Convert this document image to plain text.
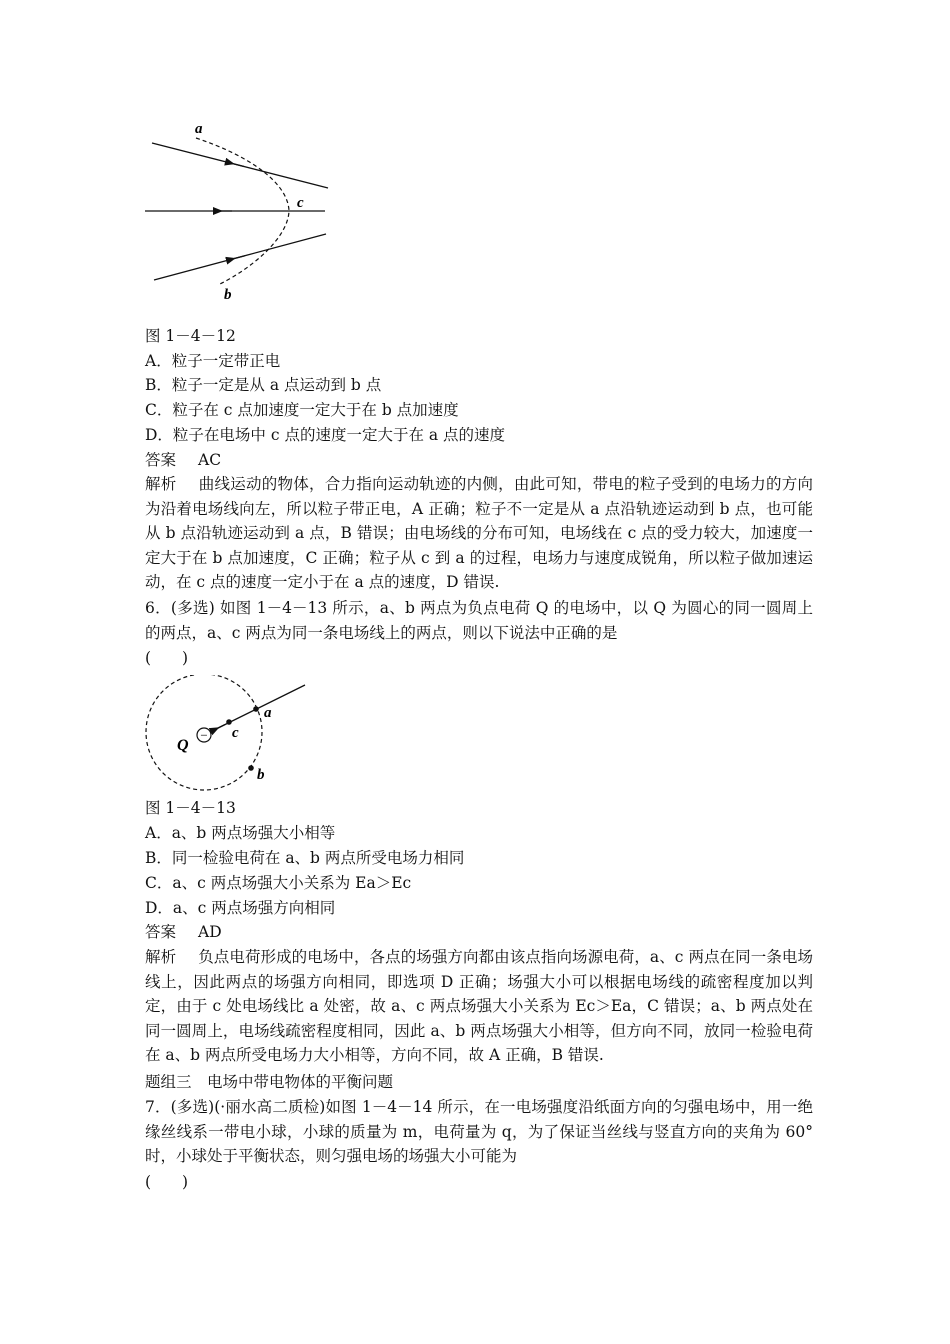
a
c
b
图 1－4－12
A．粒子一定带正电
B．粒子一定是从 a 点运动到 b 点
C．粒子在 c 点加速度一定大于在 b 点加速度
D．粒子在电场中 c 点的速度一定大于在 a 点的速度
答案 AC
解析 曲线运动的物体，合力指向运动轨迹的内侧，由此可知，带电的粒子受到的电场力的方向为沿着电场线向左，所以粒子带正电，A 正确；粒子不一定是从 a 点沿轨迹运动到 b 点，也可能从 b 点沿轨迹运动到 a 点，B 错误；由电场线的分布可知，电场线在 c 点的受力较大，加速度一定大于在 b 点加速度，C 正确；粒子从 c 到 a 的过程，电场力与速度成锐角，所以粒子做加速运动，在 c 点的速度一定小于在 a 点的速度，D 错误.
6．(多选) 如图 1－4－13 所示，a、b 两点为负点电荷 Q 的电场中，以 Q 为圆心的同一圆周上的两点，a、c 两点为同一条电场线上的两点，则以下说法中正确的是
(　　)
−
Q
a
c
b
图 1－4－13
A．a、b 两点场强大小相等
B．同一检验电荷在 a、b 两点所受电场力相同
C．a、c 两点场强大小关系为 Ea＞Ec
D．a、c 两点场强方向相同
答案 AD
解析 负点电荷形成的电场中，各点的场强方向都由该点指向场源电荷，a、c 两点在同一条电场线上，因此两点的场强方向相同，即选项 D 正确；场强大小可以根据电场线的疏密程度加以判定，由于 c 处电场线比 a 处密，故 a、c 两点场强大小关系为 Ec＞Ea，C 错误；a、b 两点处在同一圆周上，电场线疏密程度相同，因此 a、b 两点场强大小相等，但方向不同，放同一检验电荷在 a、b 两点所受电场力大小相等，方向不同，故 A 正确，B 错误.
题组三　电场中带电物体的平衡问题
7．(多选)(·丽水高二质检)如图 1－4－14 所示，在一电场强度沿纸面方向的匀强电场中，用一绝缘丝线系一带电小球，小球的质量为 m，电荷量为 q，为了保证当丝线与竖直方向的夹角为 60°时，小球处于平衡状态，则匀强电场的场强大小可能为
(　　)
